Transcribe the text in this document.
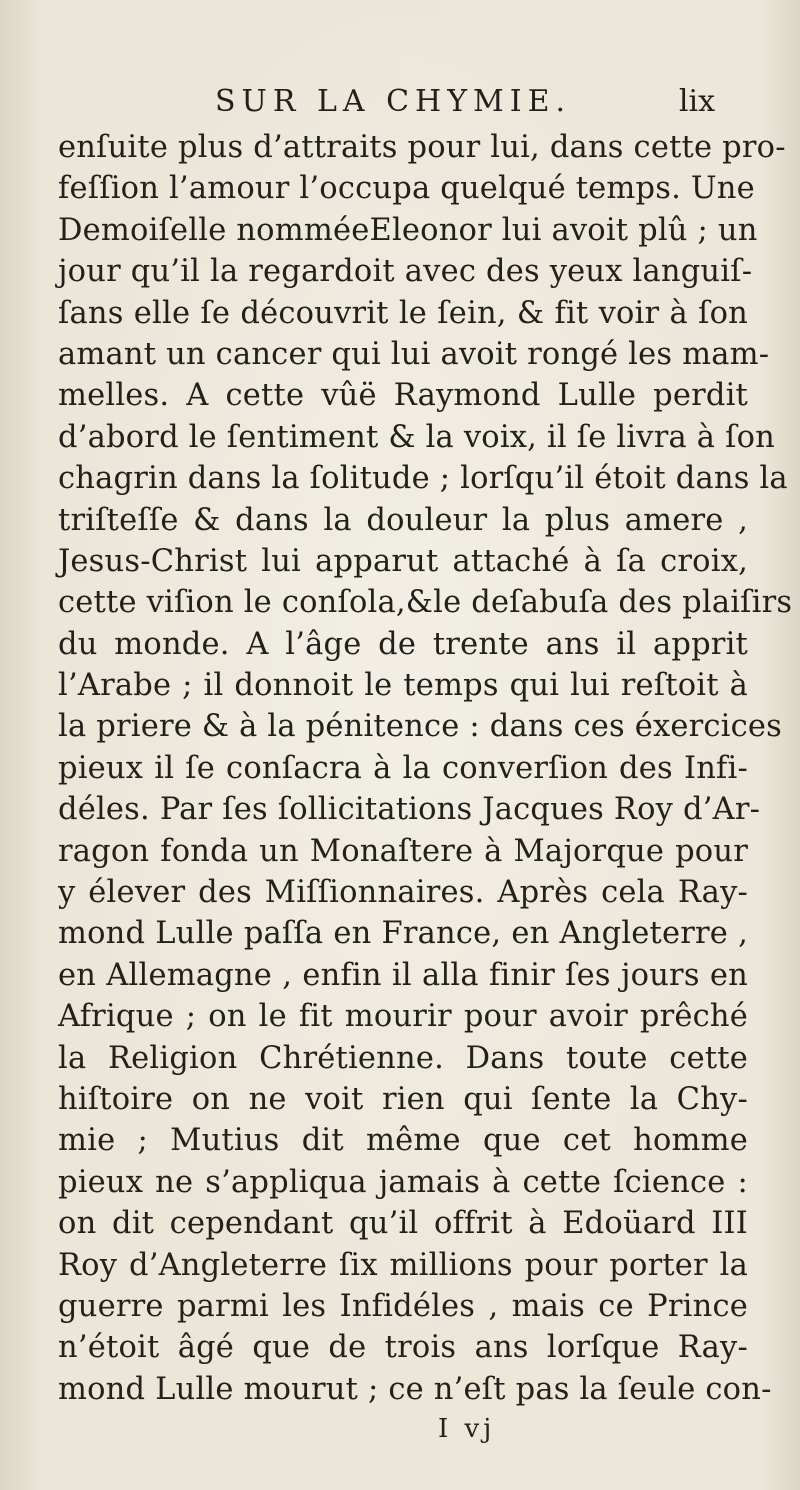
SUR LA CHYMIE.	lix
enſuite plus d’attraits pour lui, dans cette pro-
feſſion l’amour l’occupa quelqué temps. Une
Demoiſelle nomméeEleonor lui avoit plû ; un
jour qu’il la regardoit avec des yeux languiſ-
ſans elle ſe découvrit le ſein, & fit voir à ſon
amant un cancer qui lui avoit rongé les mam-
melles. A cette vûë Raymond Lulle perdit
d’abord le ſentiment & la voix, il ſe livra à ſon
chagrin dans la ſolitude ; lorſqu’il étoit dans la
triſteſſe & dans la douleur la plus amere ,
Jesus-Christ lui apparut attaché à ſa croix,
cette viſion le conſola,&le deſabuſa des plaiſirs
du monde. A l’âge de trente ans il apprit
l’Arabe ; il donnoit le temps qui lui reſtoit à
la priere & à la pénitence : dans ces éxercices
pieux il ſe conſacra à la converſion des Infi-
déles. Par ſes ſollicitations Jacques Roy d’Ar-
ragon fonda un Monaſtere à Majorque pour
y élever des Miſſionnaires. Après cela Ray-
mond Lulle paſſa en France, en Angleterre ,
en Allemagne , enfin il alla finir ſes jours en
Afrique ; on le fit mourir pour avoir prêché
la Religion Chrétienne. Dans toute cette
hiſtoire on ne voit rien qui ſente la Chy-
mie ; Mutius dit même que cet homme
pieux ne s’appliqua jamais à cette ſcience :
on dit cependant qu’il offrit à Edoüard III
Roy d’Angleterre ſix millions pour porter la
guerre parmi les Infidéles , mais ce Prince
n’étoit âgé que de trois ans lorſque Ray-
mond Lulle mourut ; ce n’eſt pas la ſeule con-
I vj
